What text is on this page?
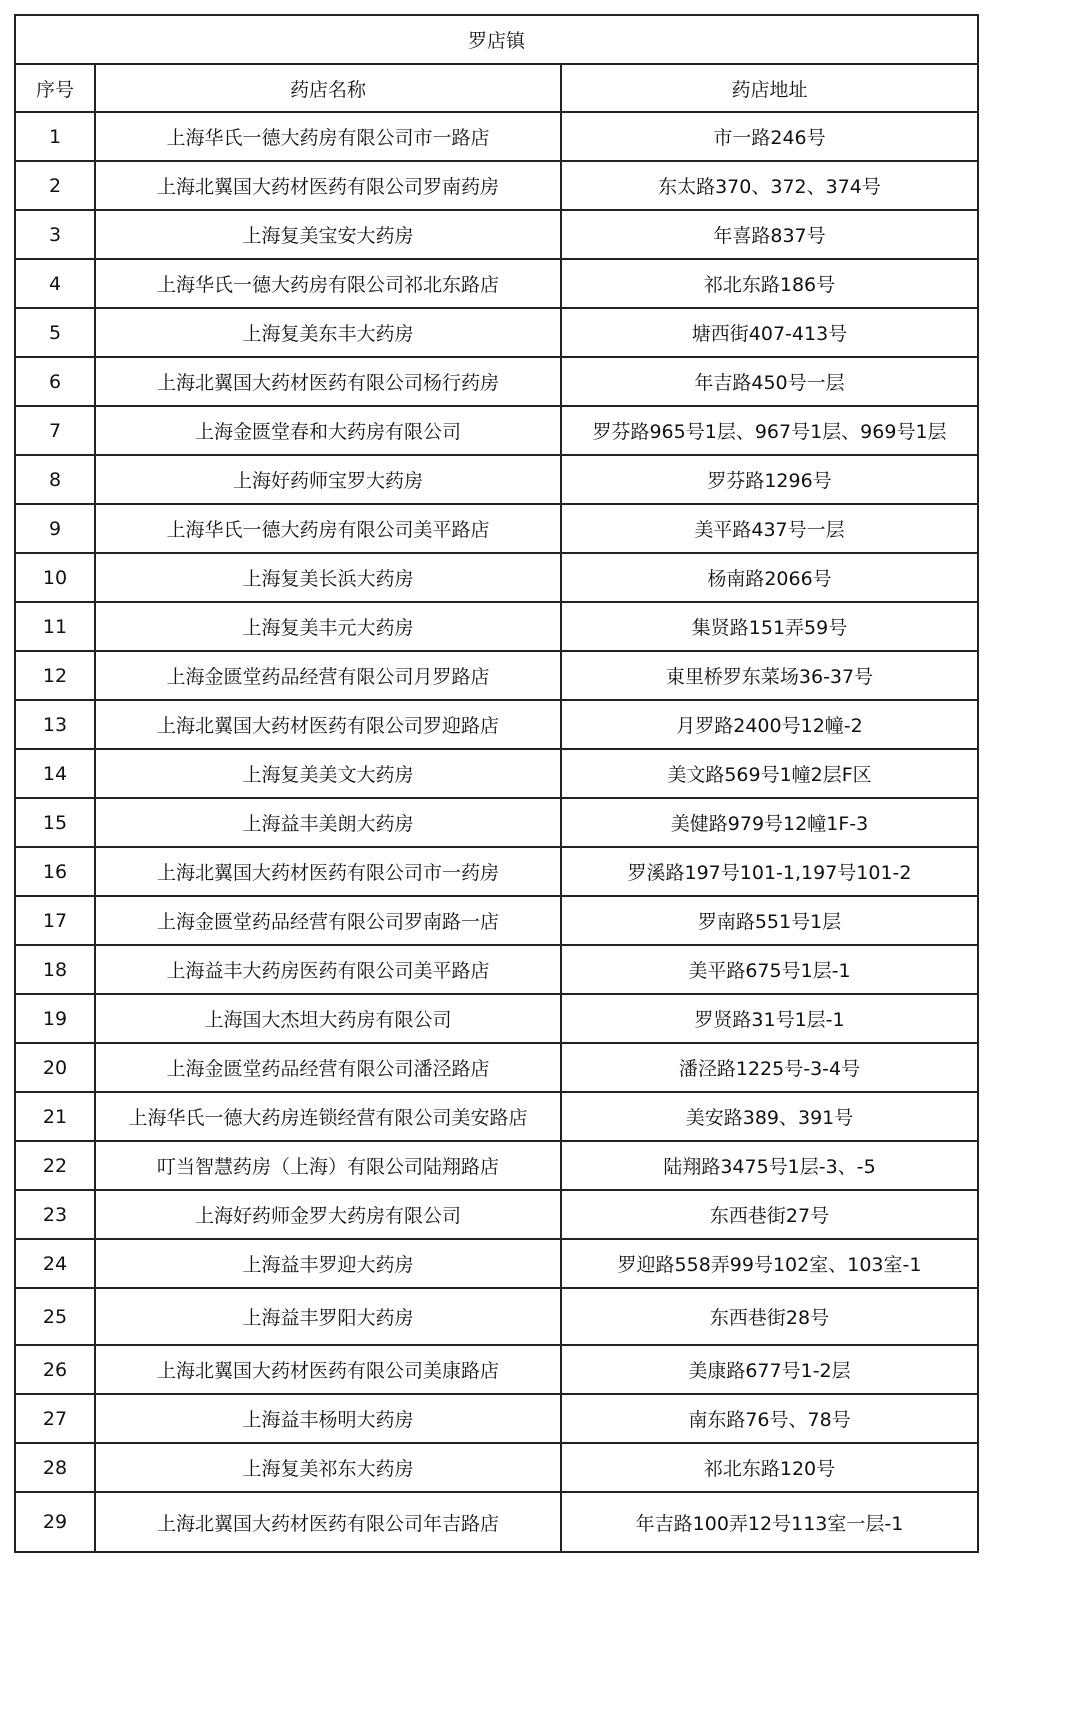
罗店镇		
序号	药店名称	药店地址
1	上海华氏一德大药房有限公司市一路店	市一路246号
2	上海北翼国大药材医药有限公司罗南药房	东太路370、372、374号
3	上海复美宝安大药房	年喜路837号
4	上海华氏一德大药房有限公司祁北东路店	祁北东路186号
5	上海复美东丰大药房	塘西街407-413号
6	上海北翼国大药材医药有限公司杨行药房	年吉路450号一层
7	上海金匮堂春和大药房有限公司	罗芬路965号1层、967号1层、969号1层
8	上海好药师宝罗大药房	罗芬路1296号
9	上海华氏一德大药房有限公司美平路店	美平路437号一层
10	上海复美长浜大药房	杨南路2066号
11	上海复美丰元大药房	集贤路151弄59号
12	上海金匮堂药品经营有限公司月罗路店	東里桥罗东菜场36-37号
13	上海北翼国大药材医药有限公司罗迎路店	月罗路2400号12幢-2
14	上海复美美文大药房	美文路569号1幢2层F区
15	上海益丰美朗大药房	美健路979号12幢1F-3
16	上海北翼国大药材医药有限公司市一药房	罗溪路197号101-1,197号101-2
17	上海金匮堂药品经营有限公司罗南路一店	罗南路551号1层
18	上海益丰大药房医药有限公司美平路店	美平路675号1层-1
19	上海国大杰坦大药房有限公司	罗贤路31号1层-1
20	上海金匮堂药品经营有限公司潘泾路店	潘泾路1225号-3-4号
21	上海华氏一德大药房连锁经营有限公司美安路店	美安路389、391号
22	叮当智慧药房（上海）有限公司陆翔路店	陆翔路3475号1层-3、-5
23	上海好药师金罗大药房有限公司	东西巷街27号
24	上海益丰罗迎大药房	罗迎路558弄99号102室、103室-1
25	上海益丰罗阳大药房	东西巷街28号
26	上海北翼国大药材医药有限公司美康路店	美康路677号1-2层
27	上海益丰杨明大药房	南东路76号、78号
28	上海复美祁东大药房	祁北东路120号
29	上海北翼国大药材医药有限公司年吉路店	年吉路100弄12号113室一层-1
